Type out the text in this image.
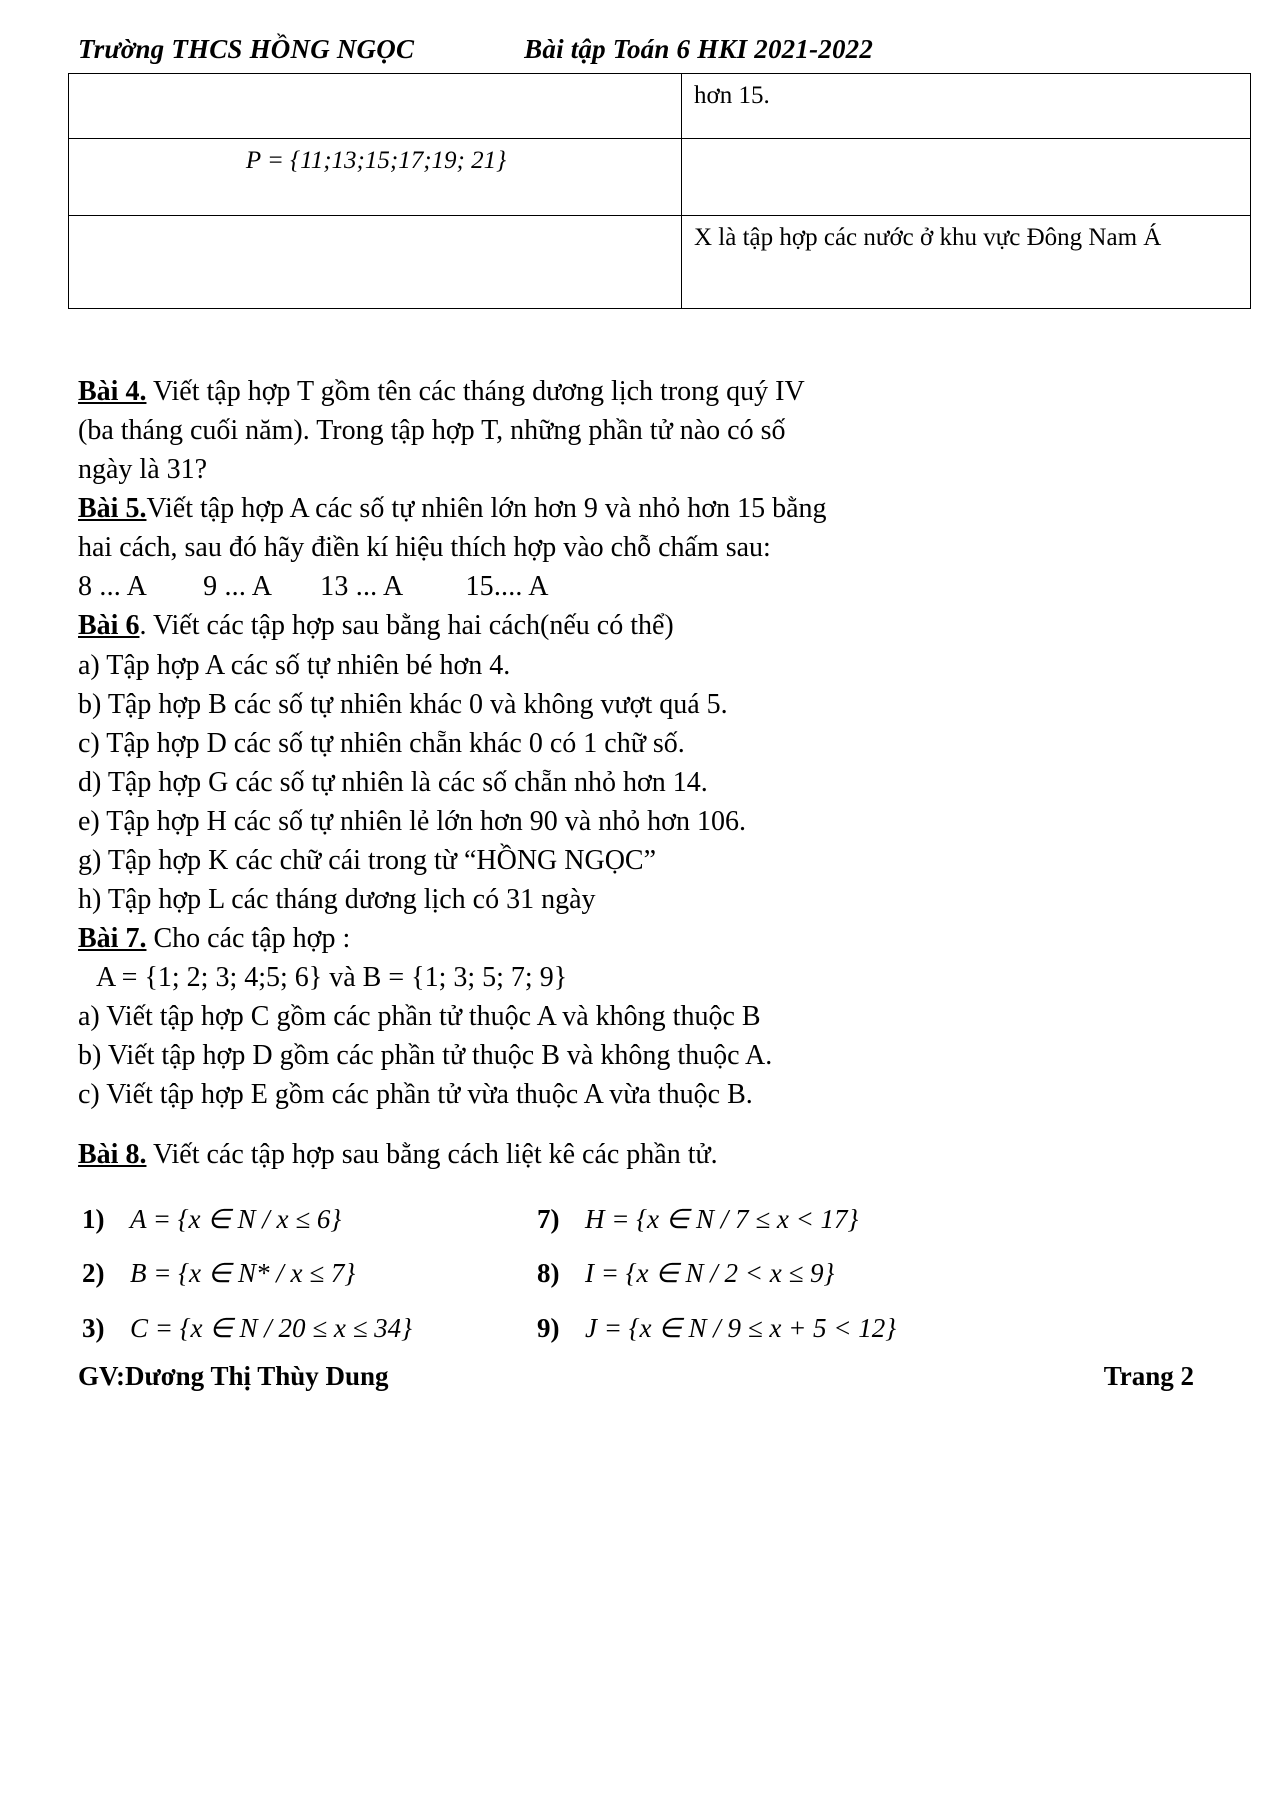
Trường THCS HỒNG NGỌC	Bài tập Toán 6 HKI 2021-2022
	hơn 15.
P = {11;13;15;17;19; 21}	
	X là tập hợp các nước ở khu vực Đông Nam Á

Bài 4. Viết tập hợp T gồm tên các tháng dương lịch trong quý IV

(ba tháng cuối năm). Trong tập hợp T, những phần tử nào có số

ngày là 31?

Bài 5.Viết tập hợp A các số tự nhiên lớn hơn 9 và nhỏ hơn 15 bằng

hai cách, sau đó hãy điền kí hiệu thích hợp vào chỗ chấm sau:

8 ... A 9 ... A 13 ... A 15.... A

Bài 6. Viết các tập hợp sau bằng hai cách(nếu có thể)

a) Tập hợp A các số tự nhiên bé hơn 4.

b) Tập hợp B các số tự nhiên khác 0 và không vượt quá 5.

c) Tập hợp D các số tự nhiên chẵn khác 0 có 1 chữ số.

d) Tập hợp G các số tự nhiên là các số chẵn nhỏ hơn 14.

e) Tập hợp H các số tự nhiên lẻ lớn hơn 90 và nhỏ hơn 106.

g) Tập hợp K các chữ cái trong từ “HỒNG NGỌC”

h) Tập hợp L các tháng dương lịch có 31 ngày

Bài 7. Cho các tập hợp :

A = {1; 2; 3; 4;5; 6} và B = {1; 3; 5; 7; 9}

a) Viết tập hợp C gồm các phần tử thuộc A và không thuộc B

b) Viết tập hợp D gồm các phần tử thuộc B và không thuộc A.

c) Viết tập hợp E gồm các phần tử vừa thuộc A vừa thuộc B.

Bài 8. Viết các tập hợp sau bằng cách liệt kê các phần tử.

1) A = {x ∈ N / x ≤ 6}	7) H = {x ∈ N / 7 ≤ x < 17}
2) B = {x ∈ N* / x ≤ 7}	8) I = {x ∈ N / 2 < x ≤ 9}
3) C = {x ∈ N / 20 ≤ x ≤ 34}	9) J = {x ∈ N / 9 ≤ x + 5 < 12}
GV:Dương Thị Thùy Dung	Trang 2
